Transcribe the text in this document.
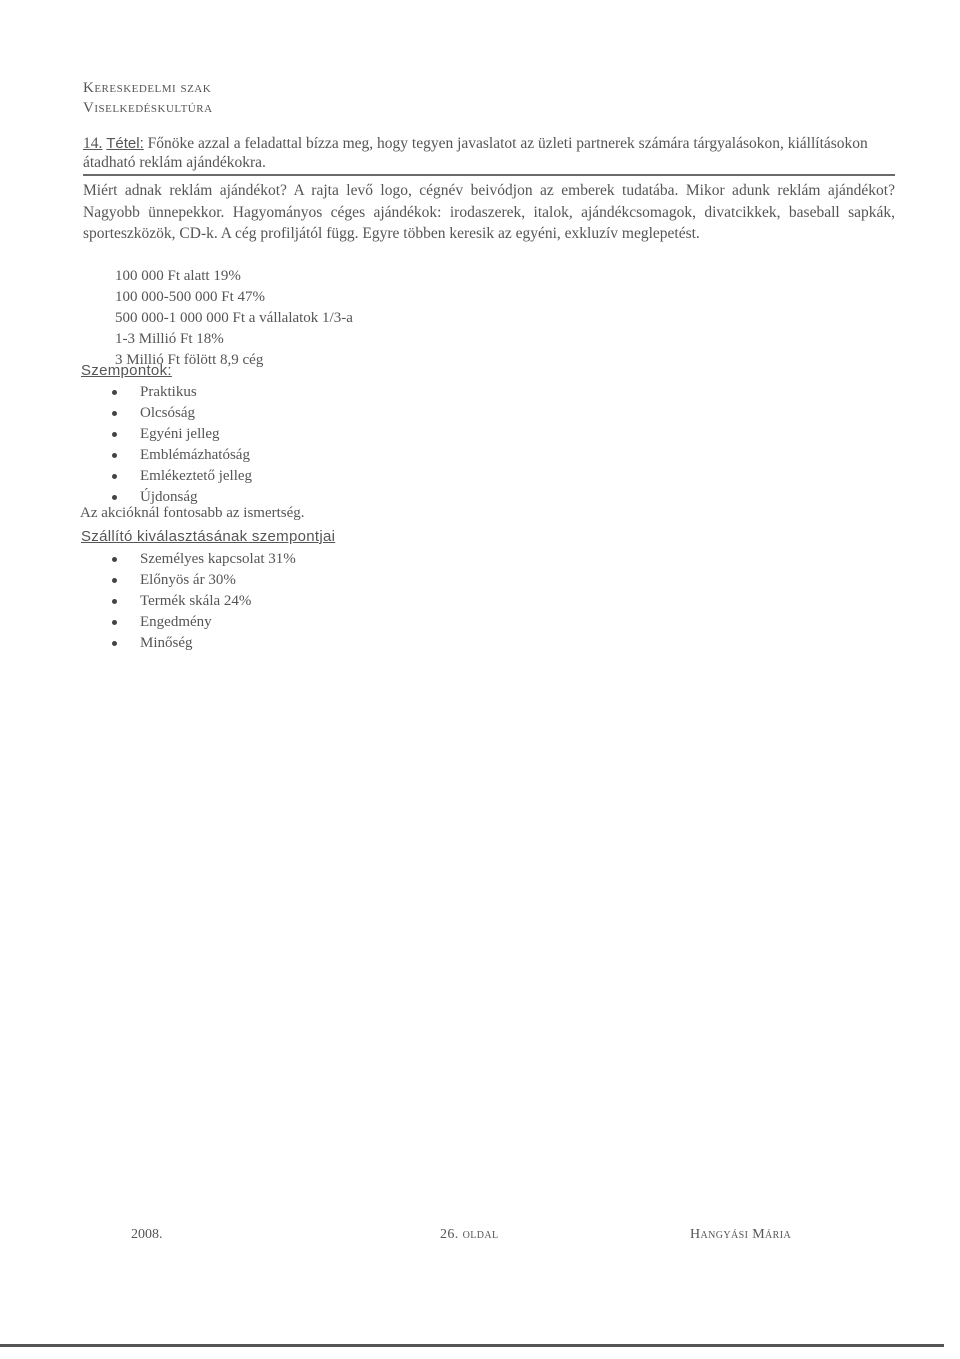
Kereskedelmi szak
Viselkedéskultúra
14. Tétel: Főnöke azzal a feladattal bízza meg, hogy tegyen javaslatot az üzleti partnerek számára tárgyalásokon, kiállításokon átadható reklám ajándékokra.
Miért adnak reklám ajándékot? A rajta levő logo, cégnév beivódjon az emberek tudatába. Mikor adunk reklám ajándékot? Nagyobb ünnepekkor. Hagyományos céges ajándékok: irodaszerek, italok, ajándékcsomagok, divatcikkek, baseball sapkák, sporteszközök, CD-k. A cég profiljától függ. Egyre többen keresik az egyéni, exkluzív meglepetést.
100 000 Ft alatt 19%
100 000-500 000 Ft 47%
500 000-1 000 000 Ft a vállalatok 1/3-a
1-3 Millió Ft 18%
3 Millió Ft fölött 8,9 cég
Szempontok:
Praktikus
Olcsóság
Egyéni jelleg
Emblémázhatóság
Emlékeztető jelleg
Újdonság
Az akcióknál fontosabb az ismertség.
Szállító kiválasztásának szempontjai
Személyes kapcsolat 31%
Előnyös ár 30%
Termék skála 24%
Engedmény
Minőség
2008.	26. oldal	Hangyási Mária
